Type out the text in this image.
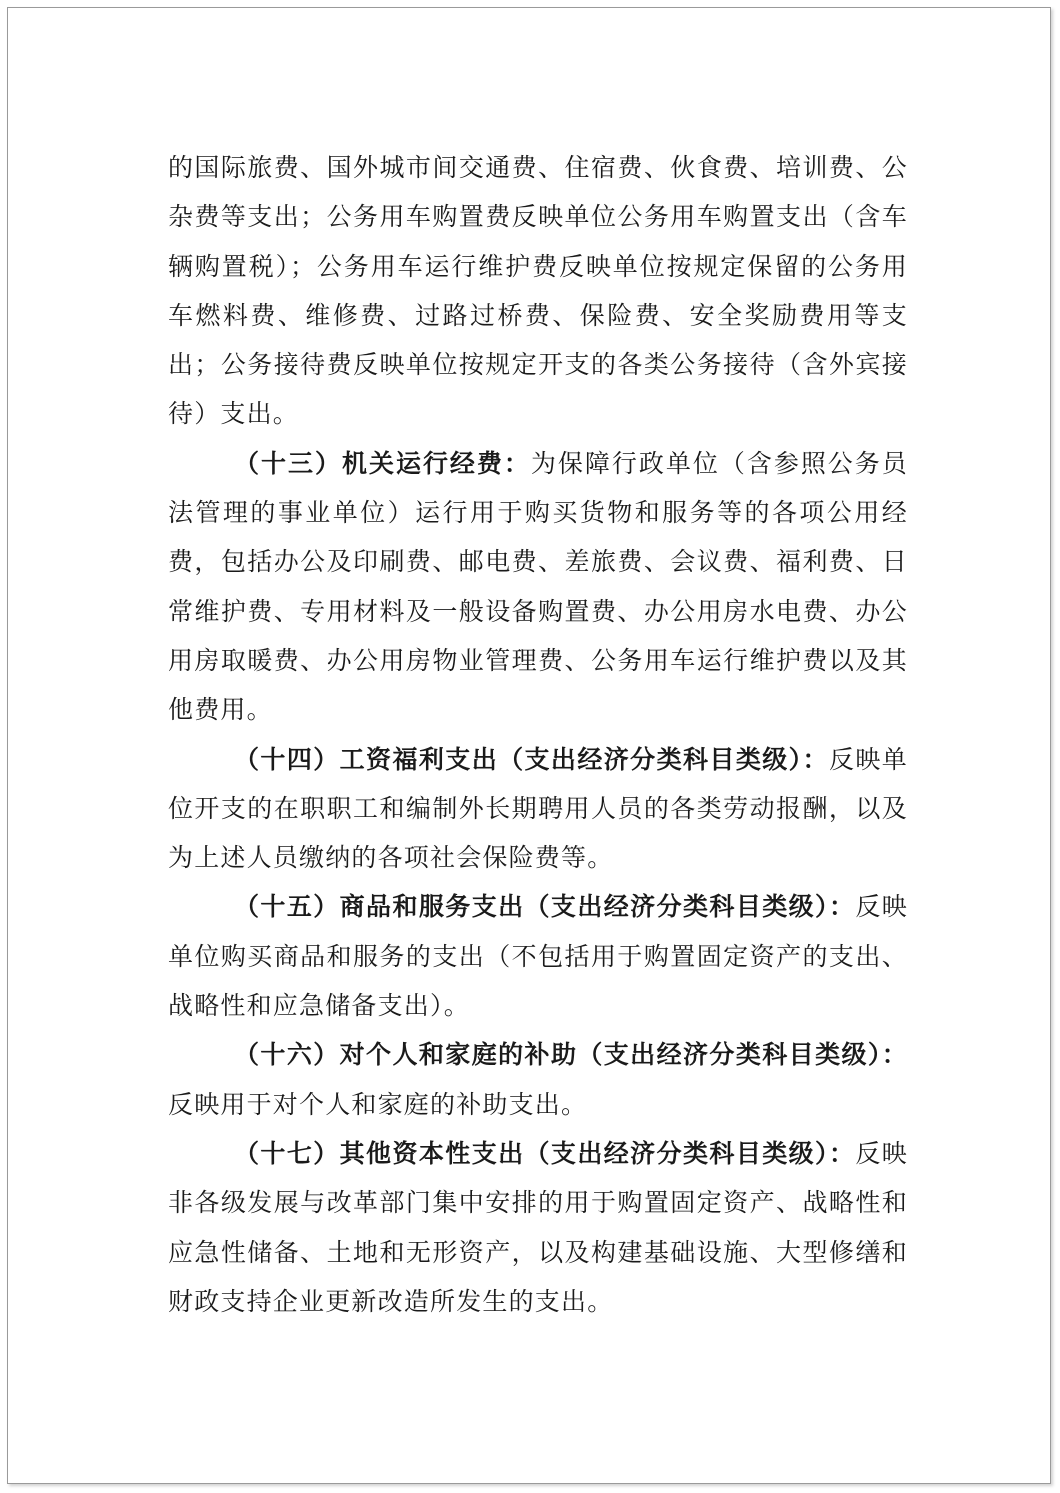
的国际旅费、国外城市间交通费、住宿费、伙食费、培训费、公杂费等支出；公务用车购置费反映单位公务用车购置支出（含车辆购置税）；公务用车运行维护费反映单位按规定保留的公务用车燃料费、维修费、过路过桥费、保险费、安全奖励费用等支出；公务接待费反映单位按规定开支的各类公务接待（含外宾接待）支出。

（十三）机关运行经费：为保障行政单位（含参照公务员法管理的事业单位）运行用于购买货物和服务等的各项公用经费，包括办公及印刷费、邮电费、差旅费、会议费、福利费、日常维护费、专用材料及一般设备购置费、办公用房水电费、办公用房取暖费、办公用房物业管理费、公务用车运行维护费以及其他费用。

（十四）工资福利支出（支出经济分类科目类级）：反映单位开支的在职职工和编制外长期聘用人员的各类劳动报酬，以及为上述人员缴纳的各项社会保险费等。

（十五）商品和服务支出（支出经济分类科目类级）：反映单位购买商品和服务的支出（不包括用于购置固定资产的支出、战略性和应急储备支出）。

（十六）对个人和家庭的补助（支出经济分类科目类级）：反映用于对个人和家庭的补助支出。

（十七）其他资本性支出（支出经济分类科目类级）：反映非各级发展与改革部门集中安排的用于购置固定资产、战略性和应急性储备、土地和无形资产，以及构建基础设施、大型修缮和财政支持企业更新改造所发生的支出。
